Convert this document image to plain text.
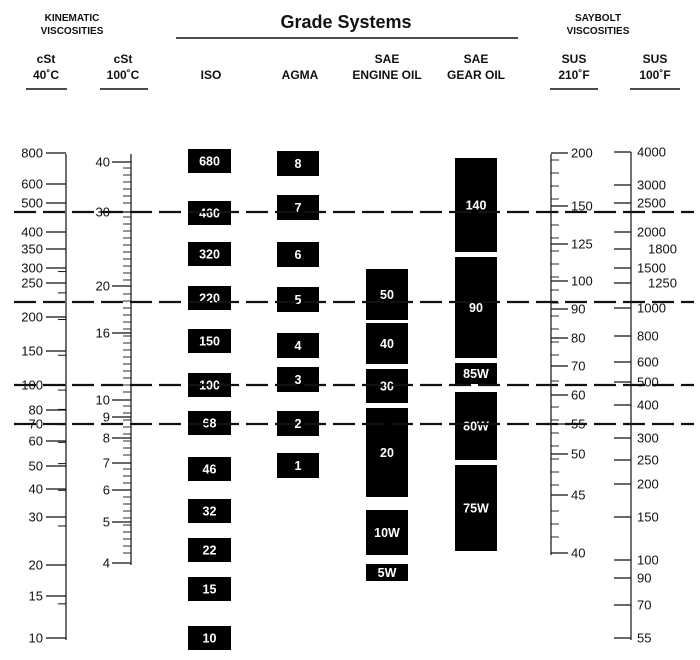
KINEMATIC
VISCOSITIES	Grade Systems	SAYBOLT
VISCOSITIES
cSt
40˚C
cSt
100˚C	ISO	AGMA
SAE
ENGINE OIL
SAE
GEAR OIL
SUS
210˚F
SUS
100˚F
800
600
500
400
350
300
250
200
150
100
80
70
60
50
40
30
20
15
10
40
30
20
16
10
9
8
7
6
5
4
200
150
125
100
90
80
70
60
55
50
45
40
4000
3000
2500
2000
1800
1500
1250
1000
800
600
500
400
300
250
200
150
100
90
70
55
680
460
320
220
150
100
68
46
32
22
15
10
8
7
6
5
4
3
2
1
50
40
30
20
10W
5W
140
90
85W
80W
75W
